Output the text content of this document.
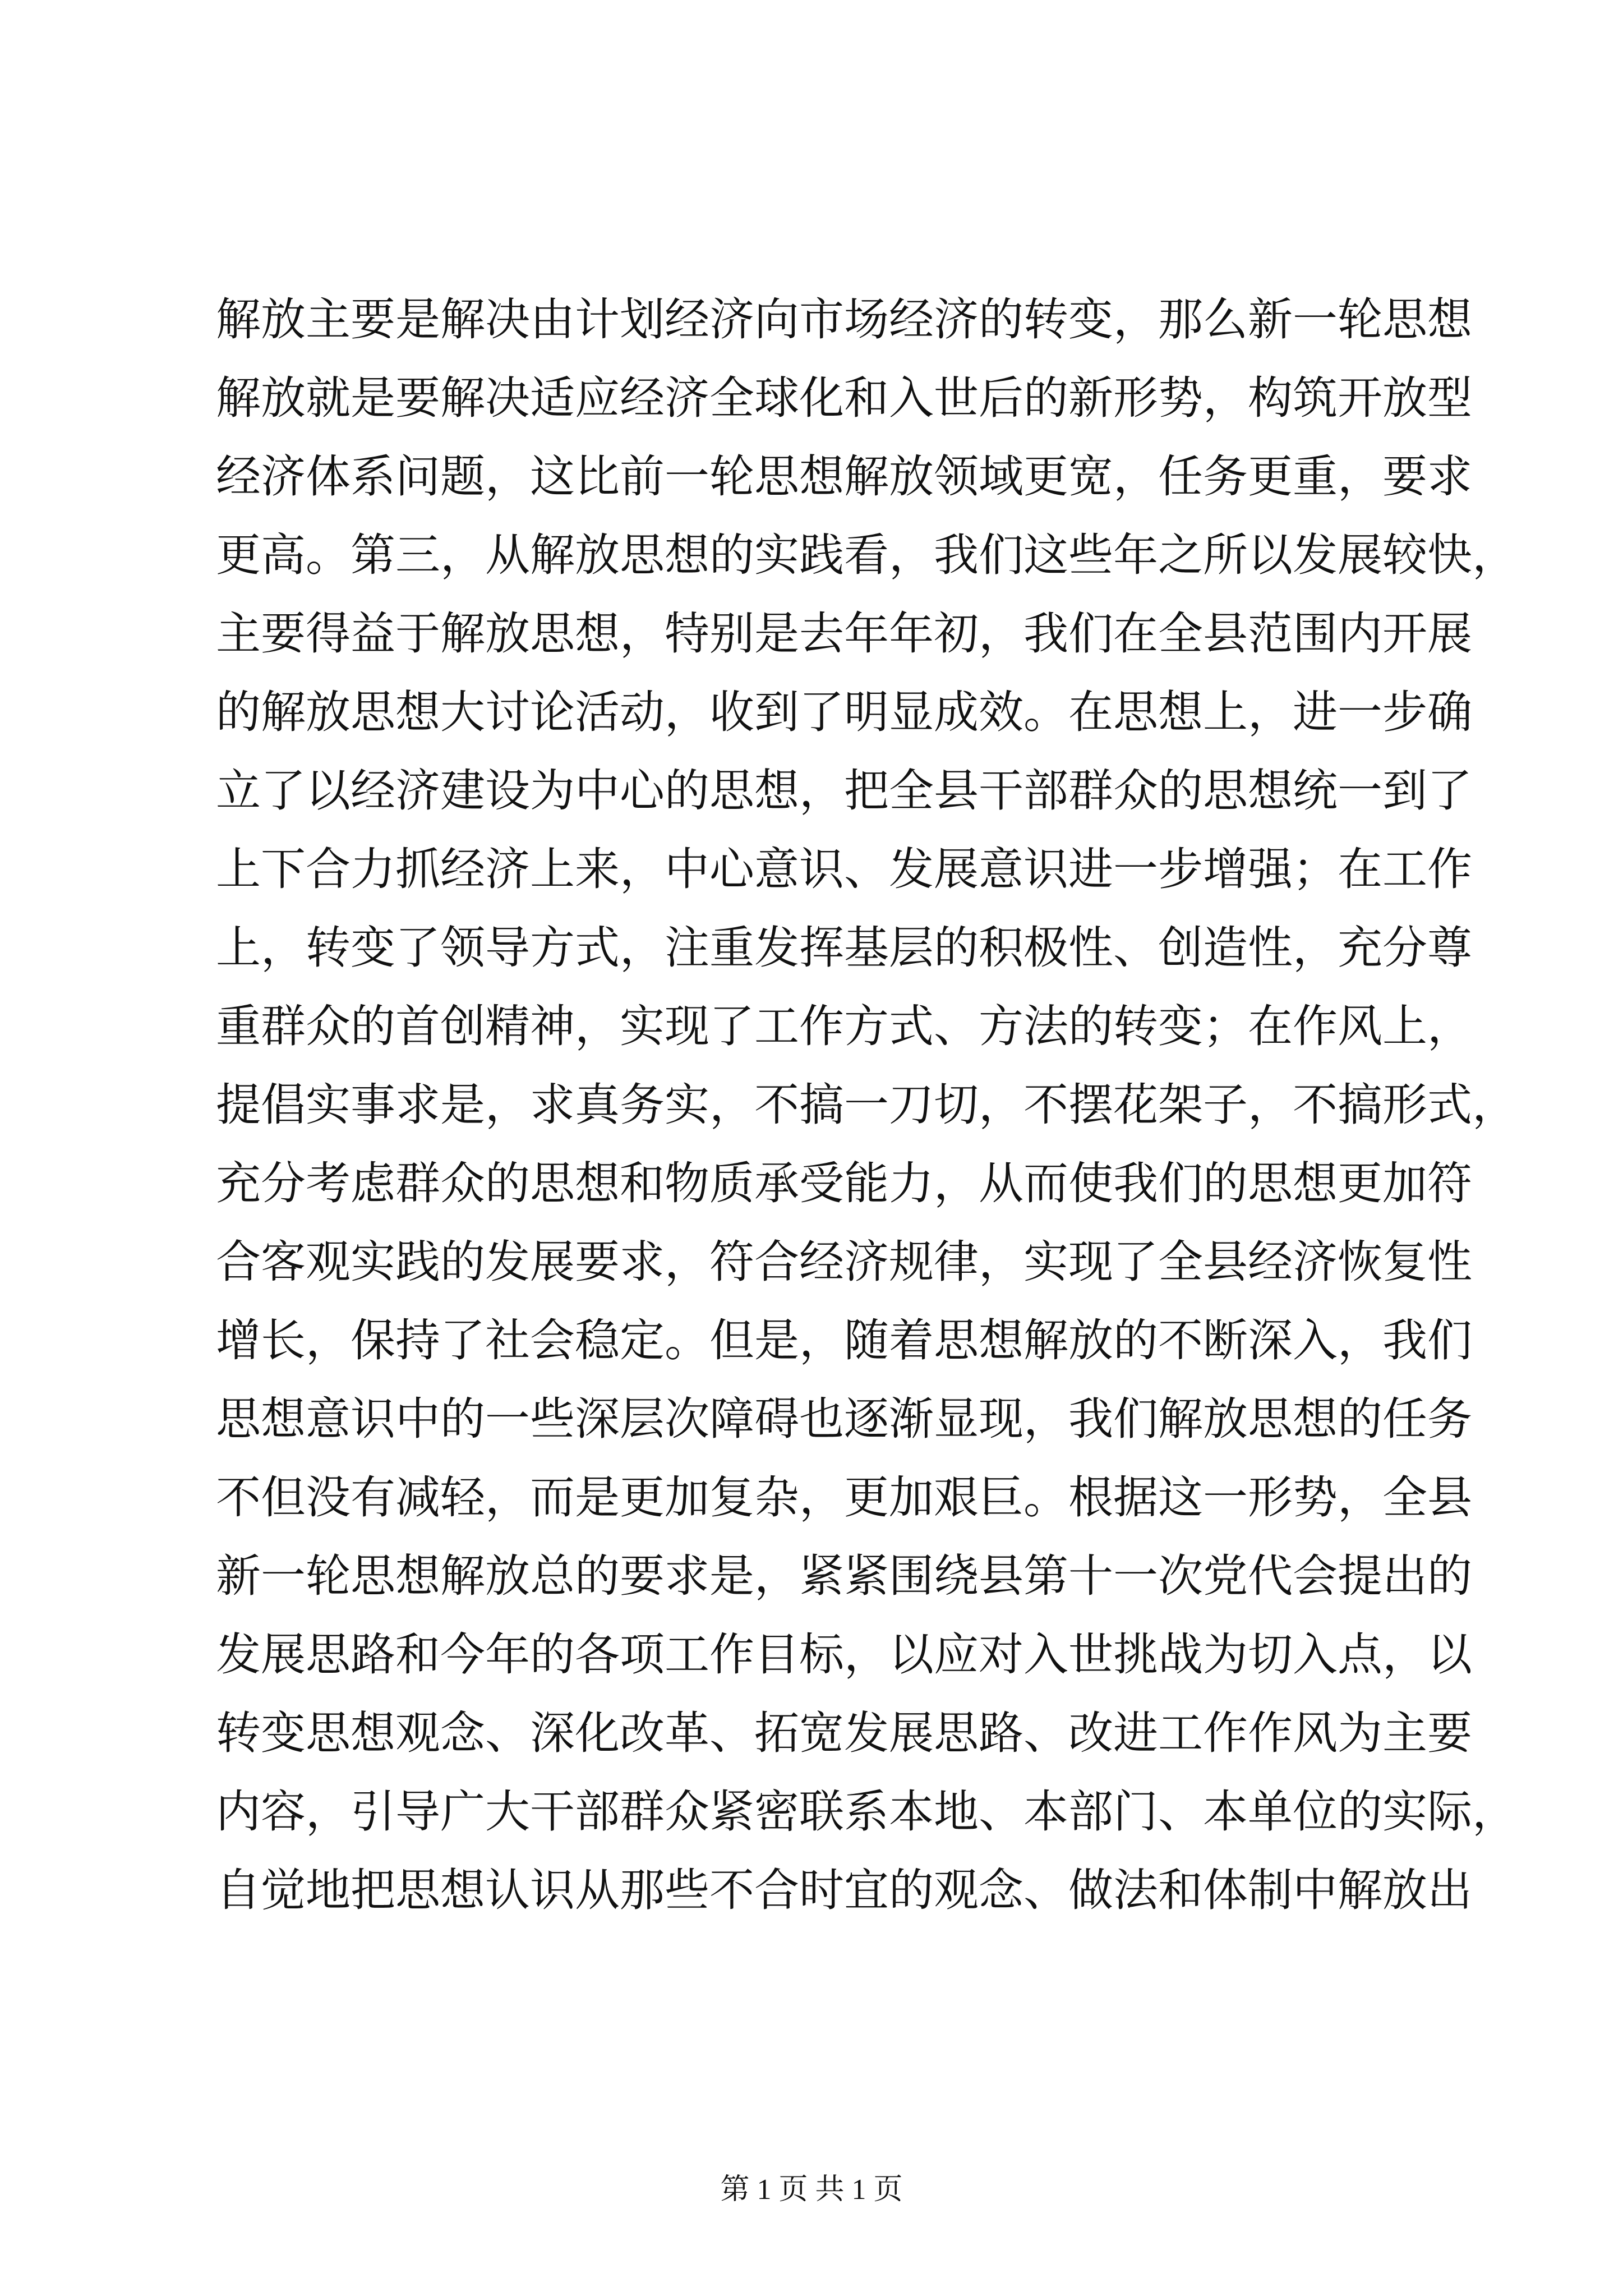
解放主要是解决由计划经济向市场经济的转变，那么新一轮思想
解放就是要解决适应经济全球化和入世后的新形势，构筑开放型
经济体系问题，这比前一轮思想解放领域更宽，任务更重，要求
更高。第三，从解放思想的实践看，我们这些年之所以发展较快，
主要得益于解放思想，特别是去年年初，我们在全县范围内开展
的解放思想大讨论活动，收到了明显成效。在思想上，进一步确
立了以经济建设为中心的思想，把全县干部群众的思想统一到了
上下合力抓经济上来，中心意识、发展意识进一步增强；在工作
上，转变了领导方式，注重发挥基层的积极性、创造性，充分尊
重群众的首创精神，实现了工作方式、方法的转变；在作风上，
提倡实事求是，求真务实，不搞一刀切，不摆花架子，不搞形式，
充分考虑群众的思想和物质承受能力，从而使我们的思想更加符
合客观实践的发展要求，符合经济规律，实现了全县经济恢复性
增长，保持了社会稳定。但是，随着思想解放的不断深入，我们
思想意识中的一些深层次障碍也逐渐显现，我们解放思想的任务
不但没有减轻，而是更加复杂，更加艰巨。根据这一形势，全县
新一轮思想解放总的要求是，紧紧围绕县第十一次党代会提出的
发展思路和今年的各项工作目标，以应对入世挑战为切入点，以
转变思想观念、深化改革、拓宽发展思路、改进工作作风为主要
内容，引导广大干部群众紧密联系本地、本部门、本单位的实际，
自觉地把思想认识从那些不合时宜的观念、做法和体制中解放出
第 1 页 共 1 页
